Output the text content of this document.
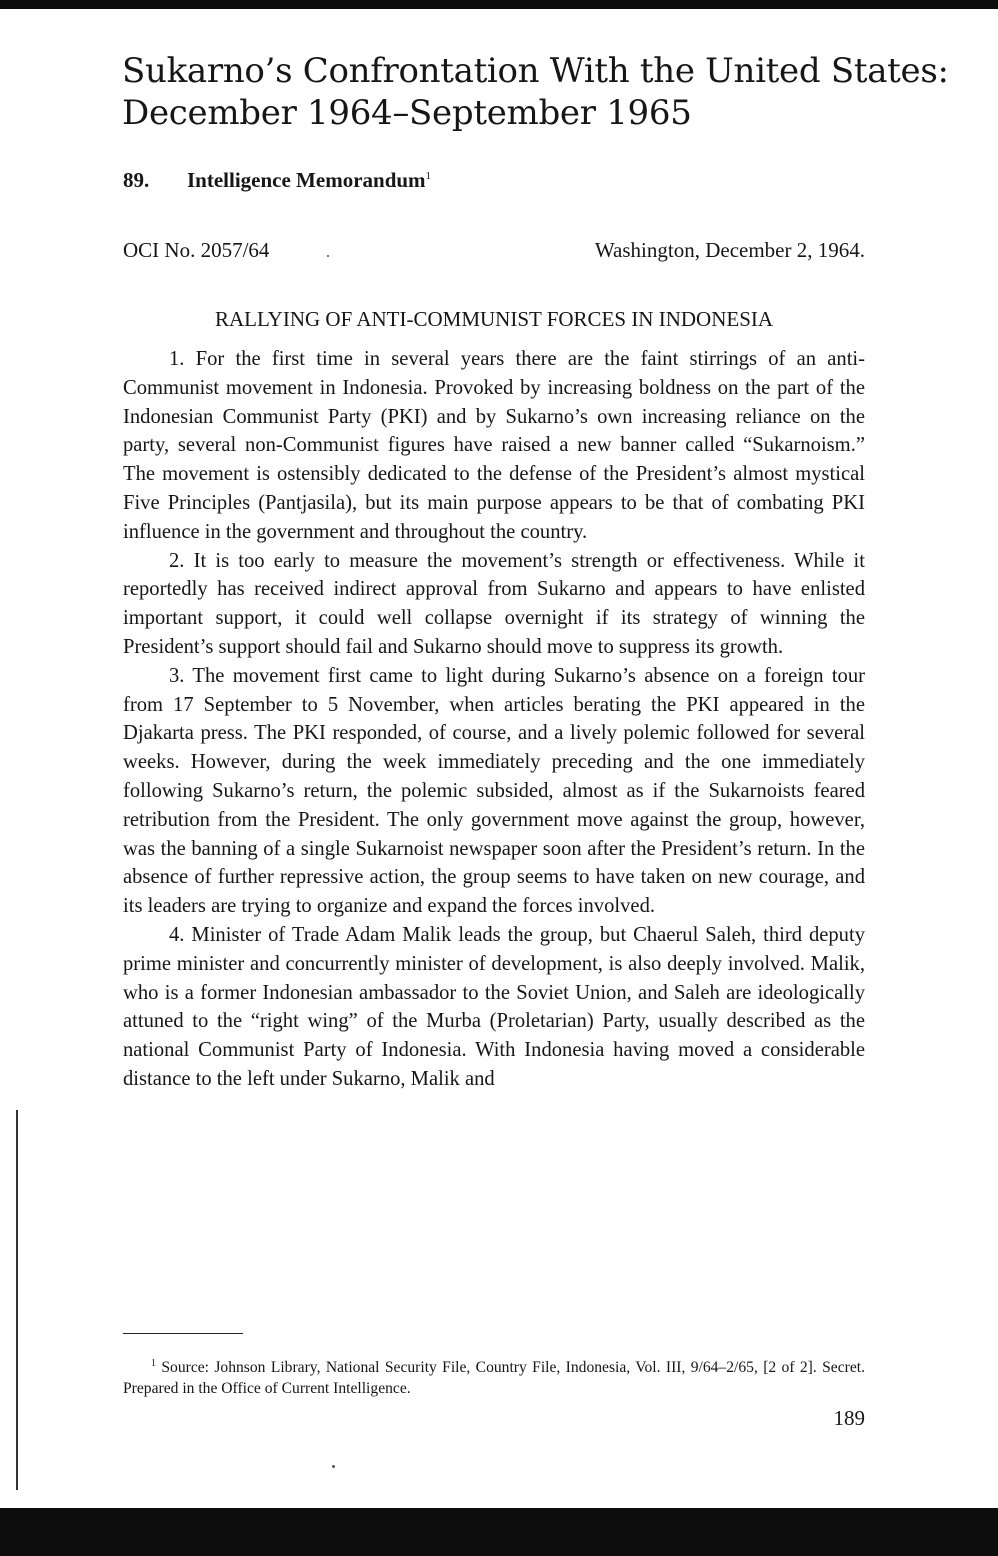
Sukarno’s Confrontation With the United States:
December 1964–September 1965
89. Intelligence Memorandum$^1$
OCI No. 2057/64	Washington, December 2, 1964.
RALLYING OF ANTI-COMMUNIST FORCES IN INDONESIA

1. For the first time in several years there are the faint stirrings of an anti-Communist movement in Indonesia. Provoked by increasing boldness on the part of the Indonesian Communist Party (PKI) and by Sukarno’s own increasing reliance on the party, several non-Communist figures have raised a new banner called “Sukarnoism.” The movement is ostensibly dedicated to the defense of the President’s almost mystical Five Principles (Pantjasila), but its main purpose appears to be that of combating PKI influence in the government and throughout the country.

2. It is too early to measure the movement’s strength or effectiveness. While it reportedly has received indirect approval from Sukarno and appears to have enlisted important support, it could well collapse overnight if its strategy of winning the President’s support should fail and Sukarno should move to suppress its growth.

3. The movement first came to light during Sukarno’s absence on a foreign tour from 17 September to 5 November, when articles berating the PKI appeared in the Djakarta press. The PKI responded, of course, and a lively polemic followed for several weeks. However, during the week immediately preceding and the one immediately following Sukarno’s return, the polemic subsided, almost as if the Sukarnoists feared retribution from the President. The only government move against the group, however, was the banning of a single Sukarnoist newspaper soon after the President’s return. In the absence of further repressive action, the group seems to have taken on new courage, and its leaders are trying to organize and expand the forces involved.

4. Minister of Trade Adam Malik leads the group, but Chaerul Saleh, third deputy prime minister and concurrently minister of development, is also deeply involved. Malik, who is a former Indonesian ambassador to the Soviet Union, and Saleh are ideologically attuned to the “right wing” of the Murba (Proletarian) Party, usually described as the national Communist Party of Indonesia. With Indonesia having moved a considerable distance to the left under Sukarno, Malik and

$^1$ Source: Johnson Library, National Security File, Country File, Indonesia, Vol. III, 9/64–2/65, [2 of 2]. Secret. Prepared in the Office of Current Intelligence.
189
